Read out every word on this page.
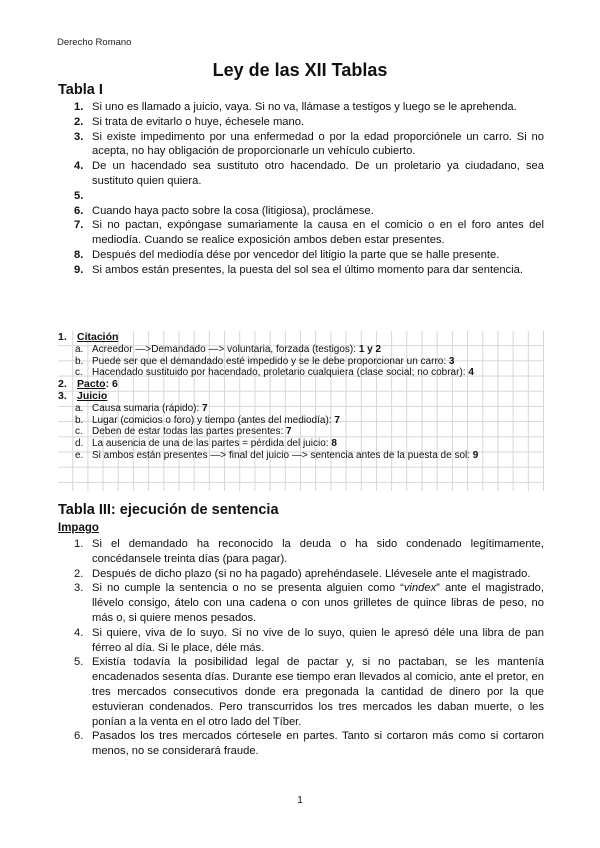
Derecho Romano
Ley de las XII Tablas
Tabla I
1. Si uno es llamado a juicio, vaya. Si no va, llámase a testigos y luego se le aprehenda.
2. Si trata de evitarlo o huye, échesele mano.
3. Si existe impedimento por una enfermedad o por la edad proporciónele un carro. Si no acepta, no hay obligación de proporcionarle un vehículo cubierto.
4. De un hacendado sea sustituto otro hacendado. De un proletario ya ciudadano, sea sustituto quien quiera.
5.
6. Cuando haya pacto sobre la cosa (litigiosa), proclámese.
7. Si no pactan, expóngase sumariamente la causa en el comicio o en el foro antes del mediodía. Cuando se realice exposición ambos deben estar presentes.
8. Después del mediodía dése por vencedor del litigio la parte que se halle presente.
9. Si ambos están presentes, la puesta del sol sea el último momento para dar sentencia.
1. Citación
a. Acreedor —>Demandado —> voluntaria, forzada (testigos): 1 y 2
b. Puede ser que el demandado esté impedido y se le debe proporcionar un carro: 3
c. Hacendado sustituido por hacendado, proletario cualquiera (clase social; no cobrar): 4
2. Pacto: 6
3. Juicio
a. Causa sumaria (rápido): 7
b. Lugar (comicios o foro) y tiempo (antes del mediodía): 7
c. Deben de estar todas las partes presentes: 7
d. La ausencia de una de las partes = pérdida del juicio: 8
e. Si ambos están presentes —> final del juicio —> sentencia antes de la puesta de sol: 9
Tabla III: ejecución de sentencia
Impago
1. Si el demandado ha reconocido la deuda o ha sido condenado legítimamente, concédansele treinta días (para pagar).
2. Después de dicho plazo (si no ha pagado) aprehéndasele. Llévesele ante el magistrado.
3. Si no cumple la sentencia o no se presenta alguien como “vindex” ante el magistrado, llévelo consigo, átelo con una cadena o con unos grilletes de quince libras de peso, no más o, si quiere menos pesados.
4. Si quiere, viva de lo suyo. Si no vive de lo suyo, quien le apresó déle una libra de pan férreo al día. Si le place, déle más.
5. Existía todavía la posibilidad legal de pactar y, si no pactaban, se les mantenía encadenados sesenta días. Durante ese tiempo eran llevados al comicio, ante el pretor, en tres mercados consecutivos donde era pregonada la cantidad de dinero por la que estuvieran condenados. Pero transcurridos los tres mercados les daban muerte, o les ponían a la venta en el otro lado del Tíber.
6. Pasados los tres mercados córtesele en partes. Tanto si cortaron más como si cortaron menos, no se considerará fraude.
1
